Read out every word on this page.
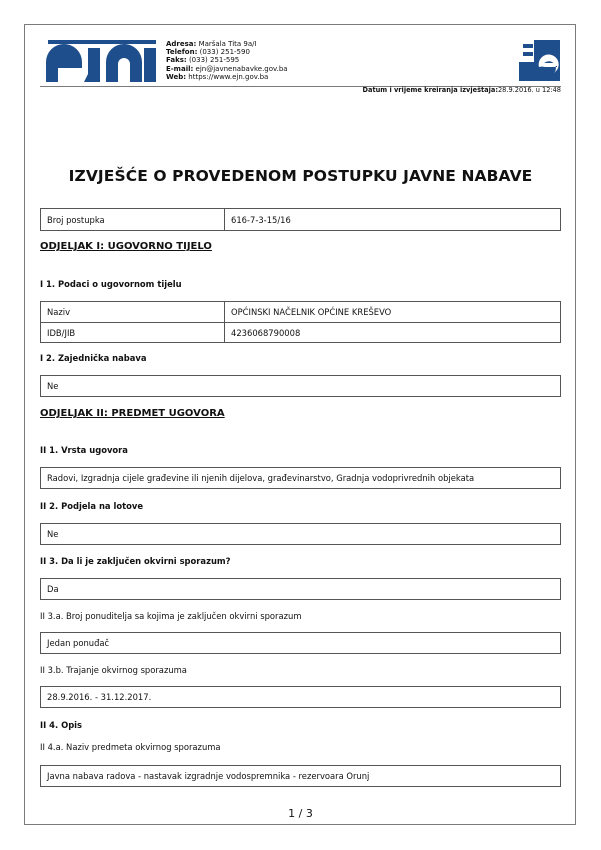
Adresa: Maršala Tita 9a/I
Telefon: (033) 251-590
Faks: (033) 251-595
E-mail: ejn@javnenabavke.gov.ba
Web: https://www.ejn.gov.ba
Datum i vrijeme kreiranja izvještaja:28.9.2016. u 12:48
IZVJEŠĆE O PROVEDENOM POSTUPKU JAVNE NABAVE
Broj postupka	616-7-3-15/16
ODJELJAK I: UGOVORNO TIJELO
I 1. Podaci o ugovornom tijelu
Naziv	OPĆINSKI NAČELNIK OPĆINE KREŠEVO
IDB/JIB	4236068790008
I 2. Zajednička nabava
Ne
ODJELJAK II: PREDMET UGOVORA
II 1. Vrsta ugovora
Radovi, Izgradnja cijele građevine ili njenih dijelova, građevinarstvo, Gradnja vodoprivrednih objekata
II 2. Podjela na lotove
Ne
II 3. Da li je zaključen okvirni sporazum?
Da
II 3.a. Broj ponuditelja sa kojima je zaključen okvirni sporazum
Jedan ponuđač
II 3.b. Trajanje okvirnog sporazuma
28.9.2016. - 31.12.2017.
II 4. Opis
II 4.a. Naziv predmeta okvirnog sporazuma
Javna nabava radova - nastavak izgradnje vodospremnika - rezervoara Orunj
1 / 3
